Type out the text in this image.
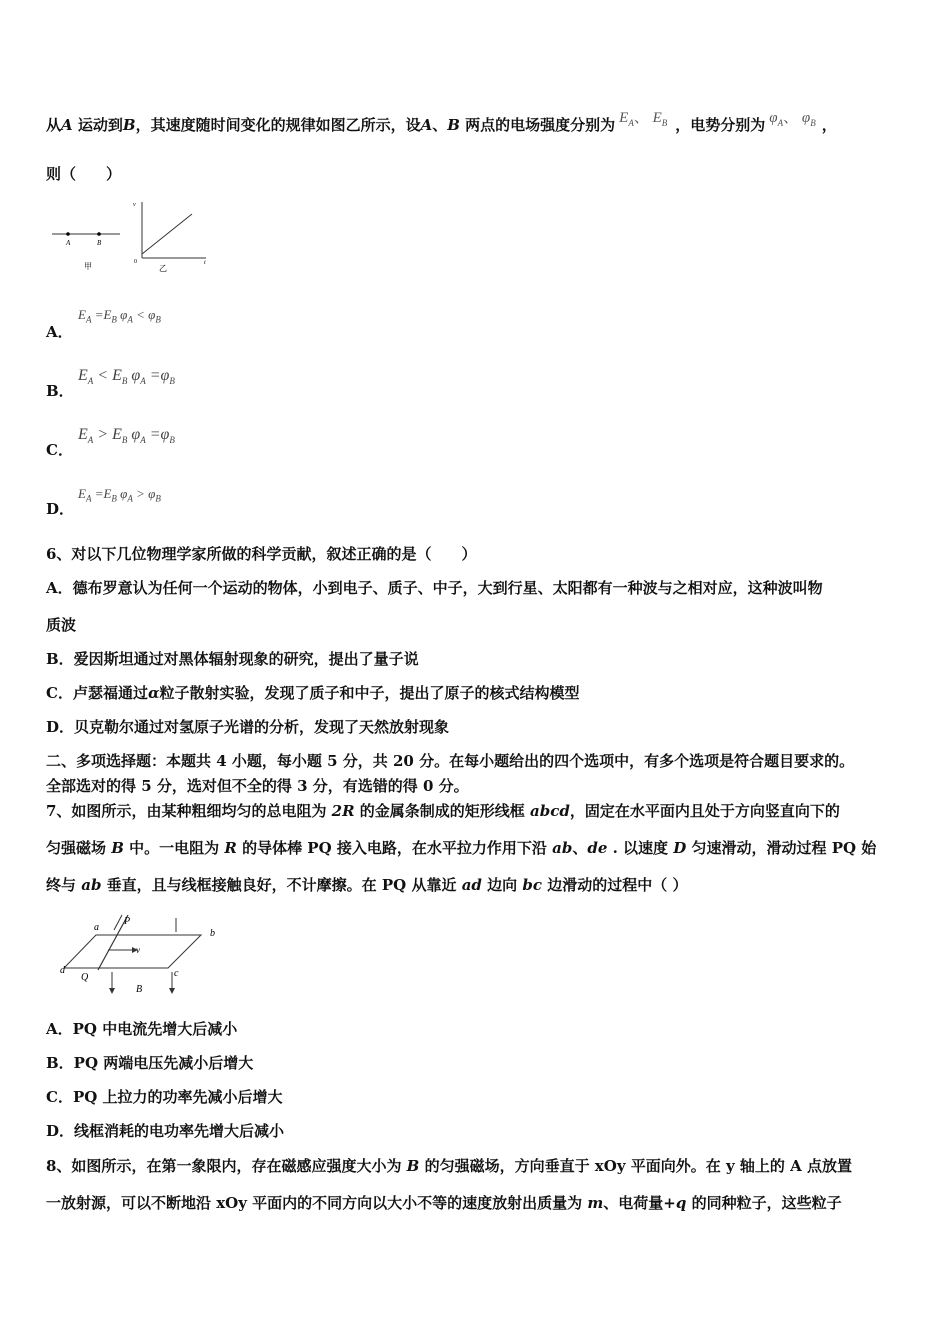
从A 运动到B，其速度随时间变化的规律如图乙所示，设A、B 两点的电场强度分别为 $E_A$、 $E_B$ ，电势分别为 $\varphi_A$、 $\varphi_B$ ，
则（　　）
A	B
甲
v
t
0
乙
A．
$E_A =E_B$ $\varphi_A < \varphi_B$
B．
$E_A < E_B$ $\varphi_A =\varphi_B$
C．
$E_A > E_B$ $\varphi_A =\varphi_B$
D．
$E_A =E_B$ $\varphi_A > \varphi_B$
6、对以下几位物理学家所做的科学贡献，叙述正确的是（　　）
A．德布罗意认为任何一个运动的物体，小到电子、质子、中子，大到行星、太阳都有一种波与之相对应，这种波叫物
质波
B．爱因斯坦通过对黑体辐射现象的研究，提出了量子说
C．卢瑟福通过α粒子散射实验，发现了质子和中子，提出了原子的核式结构模型
D．贝克勒尔通过对氢原子光谱的分析，发现了天然放射现象
二、多项选择题：本题共 4 小题，每小题 5 分，共 20 分。在每小题给出的四个选项中，有多个选项是符合题目要求的。
全部选对的得 5 分，选对但不全的得 3 分，有选错的得 0 分。
7、如图所示，由某种粗细均匀的总电阻为 2R 的金属条制成的矩形线框 abcd，固定在水平面内且处于方向竖直向下的
匀强磁场 B 中。一电阻为 R 的导体棒 PQ 接入电路，在水平拉力作用下沿 ab、de . 以速度 D 匀速滑动，滑动过程 PQ 始
终与 ab 垂直，且与线框接触良好，不计摩擦。在 PQ 从靠近 ad 边向 bc 边滑动的过程中（ ）
a
P
b
v
d
Q	c
B
A．PQ 中电流先增大后减小
B．PQ 两端电压先减小后增大
C．PQ 上拉力的功率先减小后增大
D．线框消耗的电功率先增大后减小
8、如图所示，在第一象限内，存在磁感应强度大小为 B 的匀强磁场，方向垂直于 xOy 平面向外。在 y 轴上的 A 点放置
一放射源，可以不断地沿 xOy 平面内的不同方向以大小不等的速度放射出质量为 m、电荷量+q 的同种粒子，这些粒子
